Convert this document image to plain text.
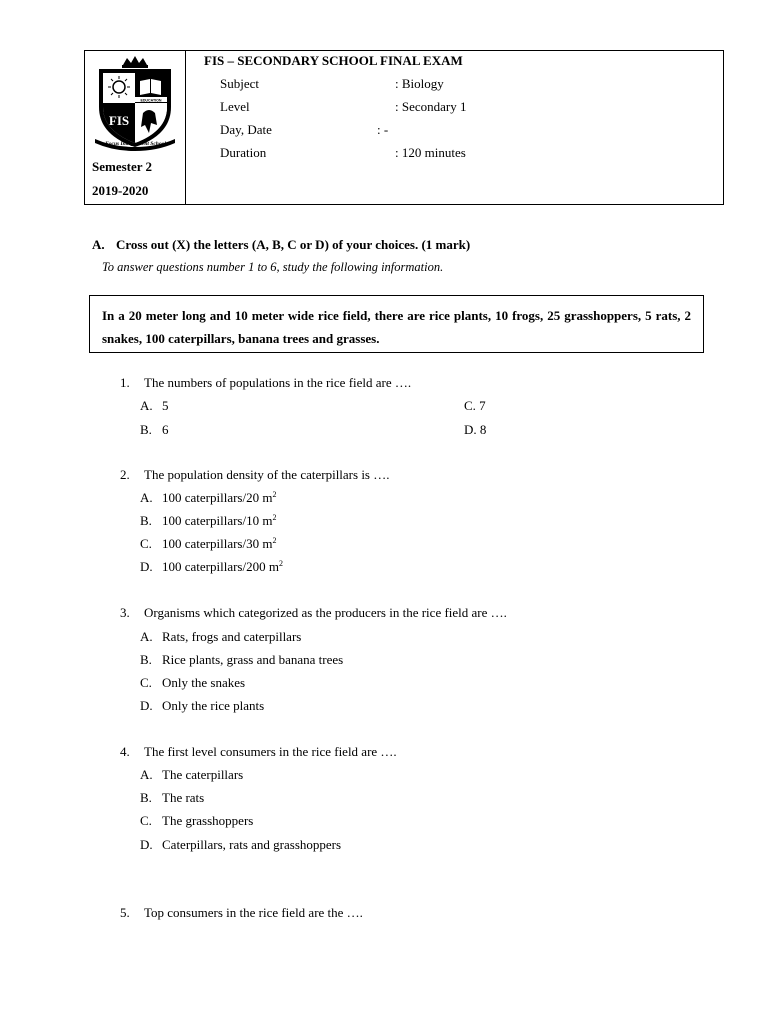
FIS
EDUCATION
Focus Independent School
Semester 2
2019-2020
FIS – SECONDARY SCHOOL FINAL EXAM
Subject	: Biology
Level	: Secondary 1
Day, Date	: -
Duration	: 120 minutes
A. Cross out (X) the letters (A, B, C or D) of your choices. (1 mark)
To answer questions number 1 to 6, study the following information.
In a 20 meter long and 10 meter wide rice field, there are rice plants, 10 frogs, 25 grasshoppers, 5 rats, 2 snakes, 100 caterpillars, banana trees and grasses.
1. The numbers of populations in the rice field are ….
A. 5	C. 7
B. 6	D. 8
2. The population density of the caterpillars is ….
A. 100 caterpillars/20 $m^2$
B. 100 caterpillars/10 $m^2$
C. 100 caterpillars/30 $m^2$
D. 100 caterpillars/200 $m^2$
3. Organisms which categorized as the producers in the rice field are ….
A. Rats, frogs and caterpillars
B. Rice plants, grass and banana trees
C. Only the snakes
D. Only the rice plants
4. The first level consumers in the rice field are ….
A. The caterpillars
B. The rats
C. The grasshoppers
D. Caterpillars, rats and grasshoppers
5. Top consumers in the rice field are the ….
